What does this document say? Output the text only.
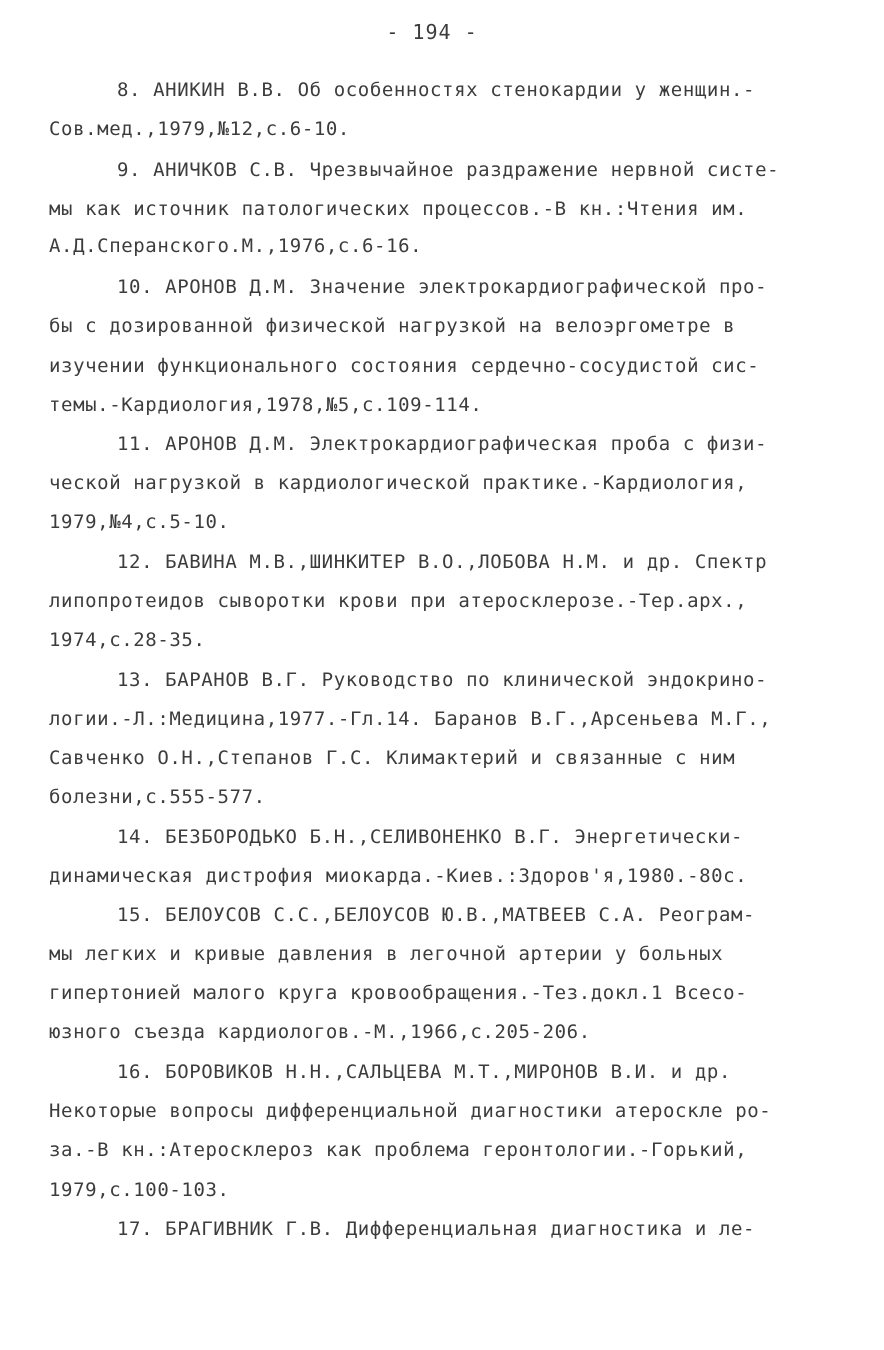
- 194 -
8. АНИКИН В.В. Об особенностях стенокардии у женщин.-
Сов.мед.,1979,№12,с.6-10.
9. АНИЧКОВ С.В. Чрезвычайное раздражение нервной систе-
мы как источник патологических процессов.-В кн.:Чтения им.
А.Д.Сперанского.М.,1976,с.6-16.
10. АРОНОВ Д.М. Значение электрокардиографической про-
бы с дозированной физической нагрузкой на велоэргометре в
изучении функционального состояния сердечно-сосудистой сис-
темы.-Кардиология,1978,№5,с.109-114.
11. АРОНОВ Д.М. Электрокардиографическая проба с физи-
ческой нагрузкой в кардиологической практике.-Кардиология,
1979,№4,с.5-10.
12. БАВИНА М.В.,ШИНКИТЕР В.О.,ЛОБОВА Н.М. и др. Спектр
липопротеидов сыворотки крови при атеросклерозе.-Тер.арх.,
1974,с.28-35.
13. БАРАНОВ В.Г. Руководство по клинической эндокрино-
логии.-Л.:Медицина,1977.-Гл.14. Баранов В.Г.,Арсеньева М.Г.,
Савченко О.Н.,Степанов Г.С. Климактерий и связанные с ним
болезни,с.555-577.
14. БЕЗБОРОДЬКО Б.Н.,СЕЛИВОНЕНКО В.Г. Энергетически-
динамическая дистрофия миокарда.-Киев.:Здоров'я,1980.-80с.
15. БЕЛОУСОВ С.С.,БЕЛОУСОВ Ю.В.,МАТВЕЕВ С.А. Реограм-
мы легких и кривые давления в легочной артерии у больных
гипертонией малого круга кровообращения.-Тез.докл.1 Всесо-
юзного съезда кардиологов.-М.,1966,с.205-206.
16. БОРОВИКОВ Н.Н.,САЛЬЦЕВА М.Т.,МИРОНОВ В.И. и др.
Некоторые вопросы дифференциальной диагностики атероскле ро-
за.-В кн.:Атеросклероз как проблема геронтологии.-Горький,
1979,с.100-103.
17. БРАГИВНИК Г.В. Дифференциальная диагностика и ле-
